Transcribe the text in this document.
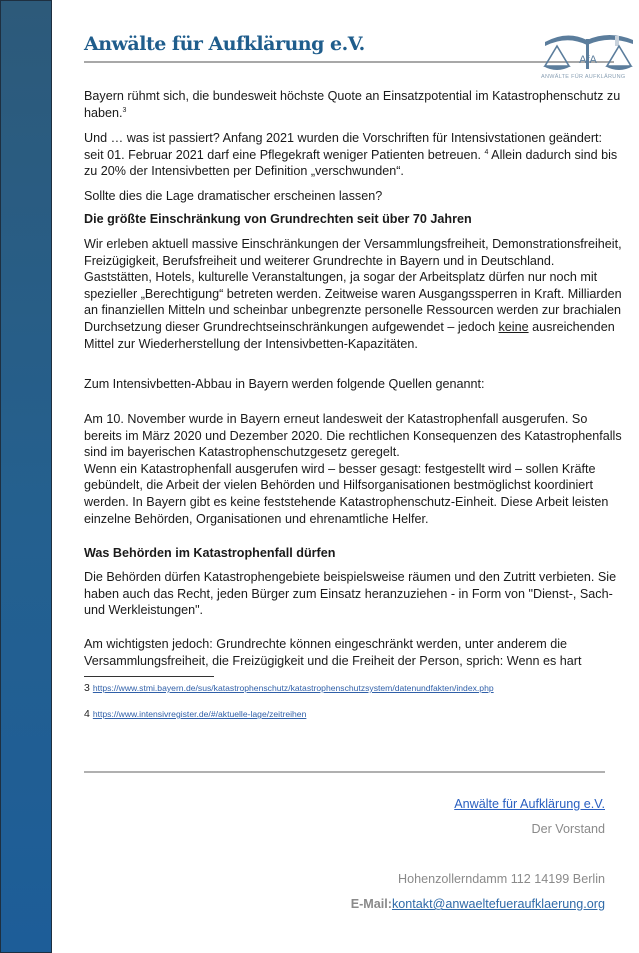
Anwälte für Aufklärung e.V.
AfA
ANWÄLTE FÜR AUFKLÄRUNG

Bayern rühmt sich, die bundesweit höchste Quote an Einsatzpotential im Katastrophenschutz zu haben.$^3$

Und … was ist passiert? Anfang 2021 wurden die Vorschriften für Intensivstationen geändert: seit 01. Februar 2021 darf eine Pflegekraft weniger Patienten betreuen. $^4$ Allein dadurch sind bis zu 20% der Intensivbetten per Definition „verschwunden“.

Sollte dies die Lage dramatischer erscheinen lassen?

Die größte Einschränkung von Grundrechten seit über 70 Jahren

Wir erleben aktuell massive Einschränkungen der Versammlungsfreiheit, Demonstrationsfreiheit, Freizügigkeit, Berufsfreiheit und weiterer Grundrechte in Bayern und in Deutschland. Gaststätten, Hotels, kulturelle Veranstaltungen, ja sogar der Arbeitsplatz dürfen nur noch mit spezieller „Berechtigung“ betreten werden. Zeitweise waren Ausgangssperren in Kraft. Milliarden an finanziellen Mitteln und scheinbar unbegrenzte personelle Ressourcen werden zur brachialen Durchsetzung dieser Grundrechtseinschränkungen aufgewendet – jedoch keine ausreichenden Mittel zur Wiederherstellung der Intensivbetten-Kapazitäten.

Zum Intensivbetten-Abbau in Bayern werden folgende Quellen genannt:

Am 10. November wurde in Bayern erneut landesweit der Katastrophenfall ausgerufen. So bereits im März 2020 und Dezember 2020. Die rechtlichen Konsequenzen des Katastrophenfalls sind im bayerischen Katastrophenschutzgesetz geregelt.

Wenn ein Katastrophenfall ausgerufen wird – besser gesagt: festgestellt wird – sollen Kräfte gebündelt, die Arbeit der vielen Behörden und Hilfsorganisationen bestmöglichst koordiniert werden. In Bayern gibt es keine feststehende Katastrophenschutz-Einheit. Diese Arbeit leisten einzelne Behörden, Organisationen und ehrenamtliche Helfer.

Was Behörden im Katastrophenfall dürfen
Die Behörden dürfen Katastrophengebiete beispielsweise räumen und den Zutritt verbieten. Sie haben auch das Recht, jeden Bürger zum Einsatz heranzuziehen - in Form von "Dienst-, Sach- und Werkleistungen".
Am wichtigsten jedoch: Grundrechte können eingeschränkt werden, unter anderem die Versammlungsfreiheit, die Freizügigkeit und die Freiheit der Person, sprich: Wenn es hart
3 https://www.stmi.bayern.de/sus/katastrophenschutz/katastrophenschutzsystem/datenundfakten/index.php
4 https://www.intensivregister.de/#/aktuelle-lage/zeitreihen
Anwälte für Aufklärung e.V.
Der Vorstand
Hohenzollerndamm 112 14199 Berlin
E-Mail:kontakt@anwaeltefueraufklaerung.org
